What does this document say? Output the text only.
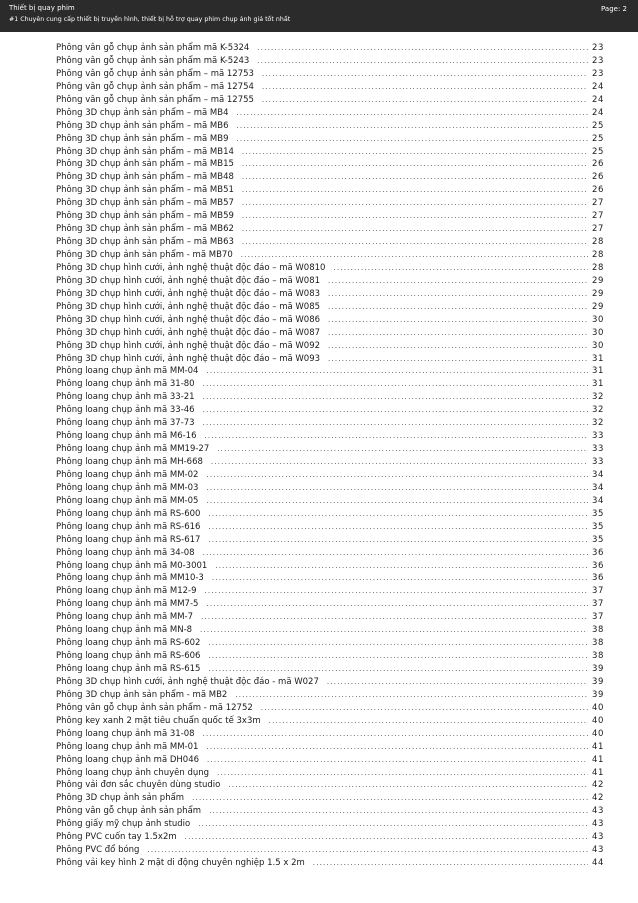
Thiết bị quay phim
#1 Chuyên cung cấp thiết bị truyền hình, thiết bị hỗ trợ quay phim chụp ảnh giá tốt nhất
Page: 2
Phông vân gỗ chụp ảnh sản phẩm mã K-5324 .....	23
Phông vân gỗ chụp ảnh sản phẩm mã K-5243 .....	23
Phông vân gỗ chụp ảnh sản phẩm – mã 12753 .....	23
Phông vân gỗ chụp ảnh sản phẩm – mã 12754 .....	24
Phông vân gỗ chụp ảnh sản phẩm – mã 12755 .....	24
Phông 3D chụp ảnh sản phẩm – mã MB4 .....	24
Phông 3D chụp ảnh sản phẩm – mã MB6 .....	25
Phông 3D chụp ảnh sản phẩm – mã MB9 .....	25
Phông 3D chụp ảnh sản phẩm – mã MB14 .....	25
Phông 3D chụp ảnh sản phẩm – mã MB15 .....	26
Phông 3D chụp ảnh sản phẩm – mã MB48 .....	26
Phông 3D chụp ảnh sản phẩm – mã MB51 .....	26
Phông 3D chụp ảnh sản phẩm – mã MB57 .....	27
Phông 3D chụp ảnh sản phẩm – mã MB59 .....	27
Phông 3D chụp ảnh sản phẩm – mã MB62 .....	27
Phông 3D chụp ảnh sản phẩm – mã MB63 .....	28
Phông 3D chụp ảnh sản phẩm - mã MB70 .....	28
Phông 3D chụp hình cưới, ảnh nghệ thuật độc đáo – mã W0810 .....	28
Phông 3D chụp hình cưới, ảnh nghệ thuật độc đáo – mã W081 .....	29
Phông 3D chụp hình cưới, ảnh nghệ thuật độc đáo – mã W083 .....	29
Phông 3D chụp hình cưới, ảnh nghệ thuật độc đáo – mã W085 .....	29
Phông 3D chụp hình cưới, ảnh nghệ thuật độc đáo – mã W086 .....	30
Phông 3D chụp hình cưới, ảnh nghệ thuật độc đáo – mã W087 .....	30
Phông 3D chụp hình cưới, ảnh nghệ thuật độc đáo – mã W092 .....	30
Phông 3D chụp hình cưới, ảnh nghệ thuật độc đáo – mã W093 .....	31
Phông loang chụp ảnh mã MM-04 .....	31
Phông loang chụp ảnh mã 31-80 .....	31
Phông loang chụp ảnh mã 33-21 .....	32
Phông loang chụp ảnh mã 33-46 .....	32
Phông loang chụp ảnh mã 37-73 .....	32
Phông loang chụp ảnh mã M6-16 .....	33
Phông loang chụp ảnh mã MM19-27 .....	33
Phông loang chụp ảnh mã MH-668 .....	33
Phông loang chụp ảnh mã MM-02 .....	34
Phông loang chụp ảnh mã MM-03 .....	34
Phông loang chụp ảnh mã MM-05 .....	34
Phông loang chụp ảnh mã RS-600 .....	35
Phông loang chụp ảnh mã RS-616 .....	35
Phông loang chụp ảnh mã RS-617 .....	35
Phông loang chụp ảnh mã 34-08 .....	36
Phông loang chụp ảnh mã M0-3001 .....	36
Phông loang chụp ảnh mã MM10-3 .....	36
Phông loang chụp ảnh mã M12-9 .....	37
Phông loang chụp ảnh mã MM7-5 .....	37
Phông loang chụp ảnh mã MM-7 .....	37
Phông loang chụp ảnh mã MN-8 .....	38
Phông loang chụp ảnh mã RS-602 .....	38
Phông loang chụp ảnh mã RS-606 .....	38
Phông loang chụp ảnh mã RS-615 .....	39
Phông 3D chụp hình cưới, ảnh nghệ thuật độc đáo - mã W027 .....	39
Phông 3D chụp ảnh sản phẩm - mã MB2 .....	39
Phông vân gỗ chụp ảnh sản phẩm - mã 12752 .....	40
Phông key xanh 2 mặt tiêu chuẩn quốc tế 3x3m .....	40
Phông loang chụp ảnh mã 31-08 .....	40
Phông loang chụp ảnh mã MM-01 .....	41
Phông loang chụp ảnh mã DH046 .....	41
Phông loang chụp ảnh chuyên dụng .....	41
Phông vải đơn sắc chuyên dùng studio .....	42
Phông 3D chụp ảnh sản phẩm .....	42
Phông vân gỗ chụp ảnh sản phẩm .....	43
Phông giấy mỹ chụp ảnh studio .....	43
Phông PVC cuốn tay 1.5x2m .....	43
Phông PVC đổ bóng .....	43
Phông vải key hình 2 mặt di động chuyên nghiệp 1.5 x 2m .....	44
